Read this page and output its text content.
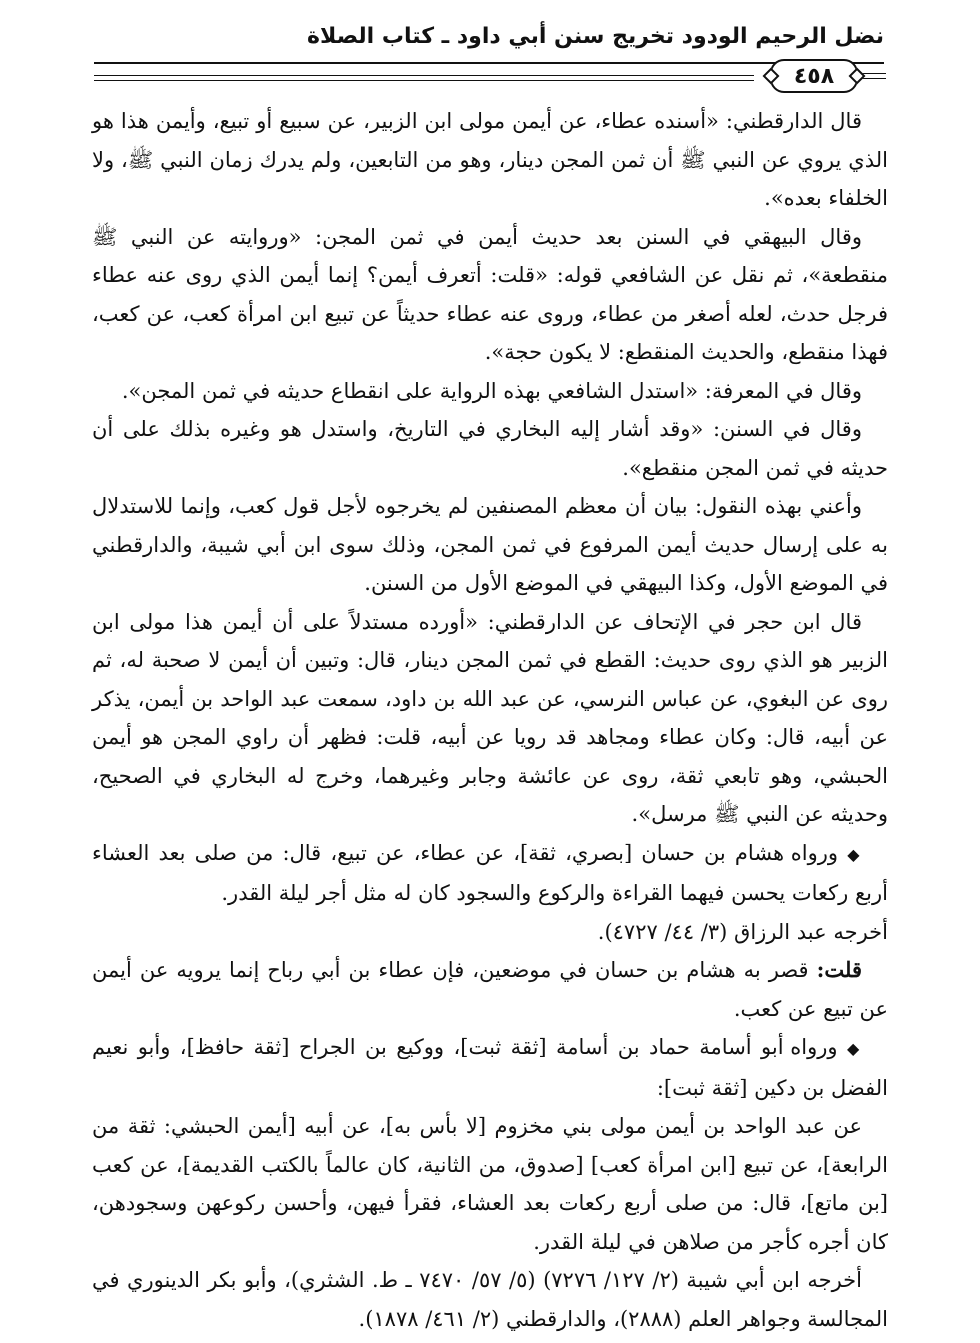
نضل الرحيم الودود تخريج سنن أبي داود ـ كتاب الصلاة
٤٥٨

قال الدارقطني: «أسنده عطاء، عن أيمن مولى ابن الزبير، عن سبيع أو تبيع، وأيمن هذا هو الذي يروي عن النبي ﷺ أن ثمن المجن دينار، وهو من التابعين، ولم يدرك زمان النبي ﷺ، ولا الخلفاء بعده».

وقال البيهقي في السنن بعد حديث أيمن في ثمن المجن: «وروايته عن النبي ﷺ منقطعة»، ثم نقل عن الشافعي قوله: «قلت: أتعرف أيمن؟ إنما أيمن الذي روى عنه عطاء فرجل حدث، لعله أصغر من عطاء، وروى عنه عطاء حديثاً عن تبيع ابن امرأة كعب، عن كعب، فهذا منقطع، والحديث المنقطع: لا يكون حجة».

وقال في المعرفة: «استدل الشافعي بهذه الرواية على انقطاع حديثه في ثمن المجن».

وقال في السنن: «وقد أشار إليه البخاري في التاريخ، واستدل هو وغيره بذلك على أن حديثه في ثمن المجن منقطع».

وأعني بهذه النقول: بيان أن معظم المصنفين لم يخرجوه لأجل قول كعب، وإنما للاستدلال به على إرسال حديث أيمن المرفوع في ثمن المجن، وذلك سوى ابن أبي شيبة، والدارقطني في الموضع الأول، وكذا البيهقي في الموضع الأول من السنن.

قال ابن حجر في الإتحاف عن الدارقطني: «أورده مستدلاً على أن أيمن هذا مولى ابن الزبير هو الذي روى حديث: القطع في ثمن المجن دينار، قال: وتبين أن أيمن لا صحبة له، ثم روى عن البغوي، عن عباس النرسي، عن عبد الله بن داود، سمعت عبد الواحد بن أيمن، يذكر عن أبيه، قال: وكان عطاء ومجاهد قد رويا عن أبيه، قلت: فظهر أن راوي المجن هو أيمن الحبشي، وهو تابعي ثقة، روى عن عائشة وجابر وغيرهما، وخرج له البخاري في الصحيح، وحديثه عن النبي ﷺ مرسل».

◆ ورواه هشام بن حسان [بصري، ثقة]، عن عطاء، عن تبيع، قال: من صلى بعد العشاء أربع ركعات يحسن فيهما القراءة والركوع والسجود كان له مثل أجر ليلة القدر.

أخرجه عبد الرزاق (٣/ ٤٤/ ٤٧٢٧).

قلت: قصر به هشام بن حسان في موضعين، فإن عطاء بن أبي رباح إنما يرويه عن أيمن عن تبيع عن كعب.

◆ ورواه أبو أسامة حماد بن أسامة [ثقة ثبت]، ووكيع بن الجراح [ثقة حافظ]، وأبو نعيم الفضل بن دكين [ثقة ثبت]:

عن عبد الواحد بن أيمن مولى بني مخزوم [لا بأس به]، عن أبيه [أيمن الحبشي: ثقة من الرابعة]، عن تبيع [ابن امرأة كعب] [صدوق، من الثانية، كان عالماً بالكتب القديمة]، عن كعب [بن ماتع]، قال: من صلى أربع ركعات بعد العشاء، فقرأ فيهن، وأحسن ركوعهن وسجودهن، كان أجره كأجر من صلاهن في ليلة القدر.

أخرجه ابن أبي شيبة (٢/ ١٢٧/ ٧٢٧٦) (٥/ ٥٧/ ٧٤٧٠ ـ ط. الشثري)، وأبو بكر الدينوري في المجالسة وجواهر العلم (٢٨٨٨)، والدارقطني (٢/ ٤٦١/ ١٨٧٨).
